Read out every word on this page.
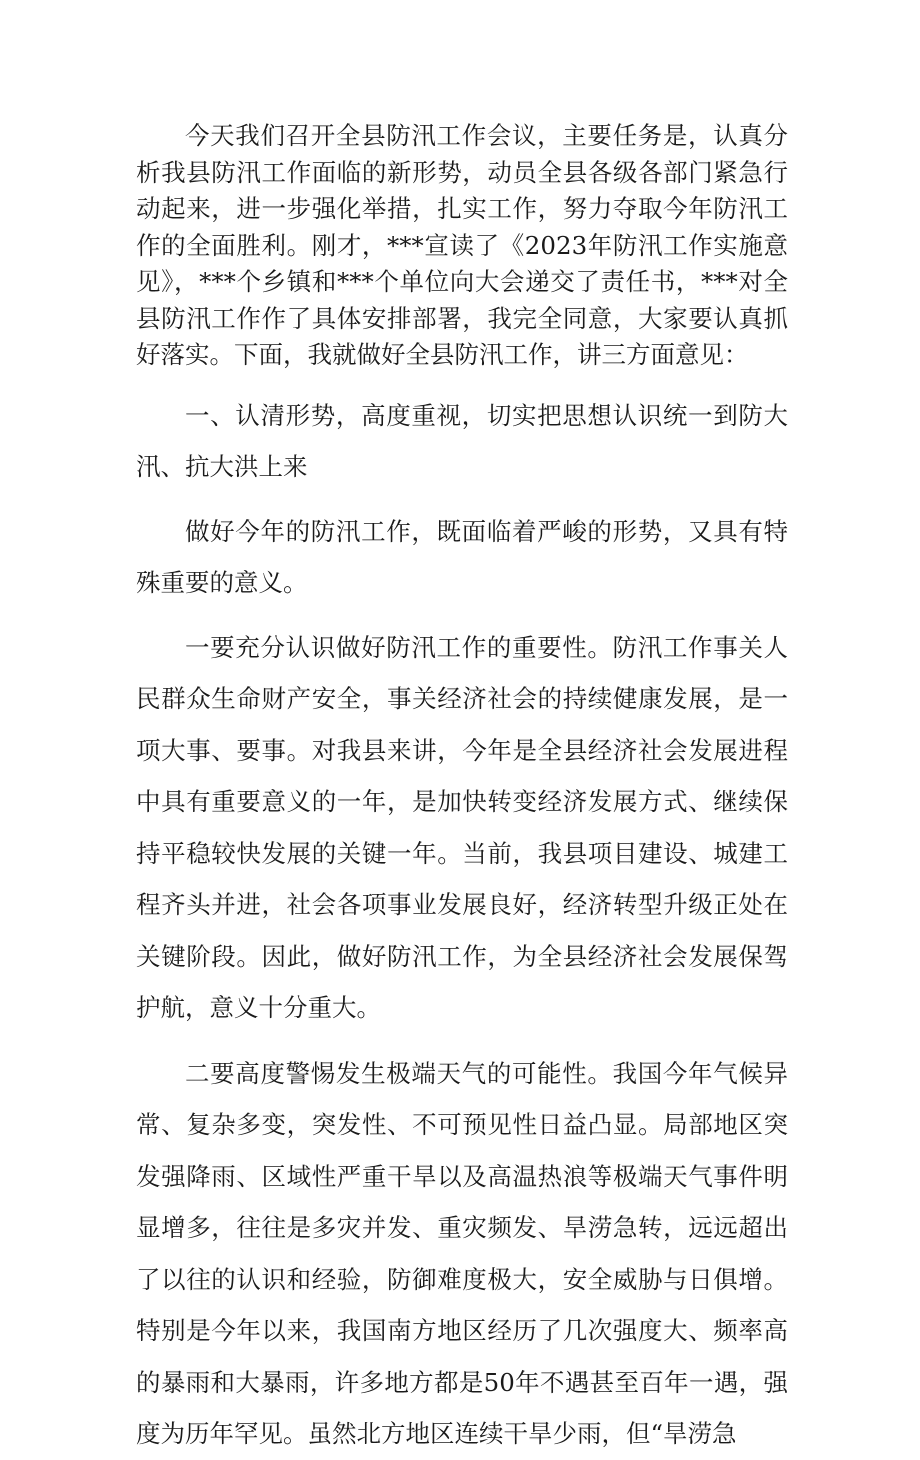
今天我们召开全县防汛工作会议，主要任务是，认真分析我县防汛工作面临的新形势，动员全县各级各部门紧急行动起来，进一步强化举措，扎实工作，努力夺取今年防汛工作的全面胜利。刚才，***宣读了《2023年防汛工作实施意见》，***个乡镇和***个单位向大会递交了责任书，***对全县防汛工作作了具体安排部署，我完全同意，大家要认真抓好落实。下面，我就做好全县防汛工作，讲三方面意见：

一、认清形势，高度重视，切实把思想认识统一到防大汛、抗大洪上来

做好今年的防汛工作，既面临着严峻的形势，又具有特殊重要的意义。

一要充分认识做好防汛工作的重要性。防汛工作事关人民群众生命财产安全，事关经济社会的持续健康发展，是一项大事、要事。对我县来讲，今年是全县经济社会发展进程中具有重要意义的一年，是加快转变经济发展方式、继续保持平稳较快发展的关键一年。当前，我县项目建设、城建工程齐头并进，社会各项事业发展良好，经济转型升级正处在关键阶段。因此，做好防汛工作，为全县经济社会发展保驾护航，意义十分重大。

二要高度警惕发生极端天气的可能性。我国今年气候异常、复杂多变，突发性、不可预见性日益凸显。局部地区突发强降雨、区域性严重干旱以及高温热浪等极端天气事件明显增多，往往是多灾并发、重灾频发、旱涝急转，远远超出了以往的认识和经验，防御难度极大，安全威胁与日俱增。特别是今年以来，我国南方地区经历了几次强度大、频率高的暴雨和大暴雨，许多地方都是50年不遇甚至百年一遇，强度为历年罕见。虽然北方地区连续干旱少雨，但“旱涝急
